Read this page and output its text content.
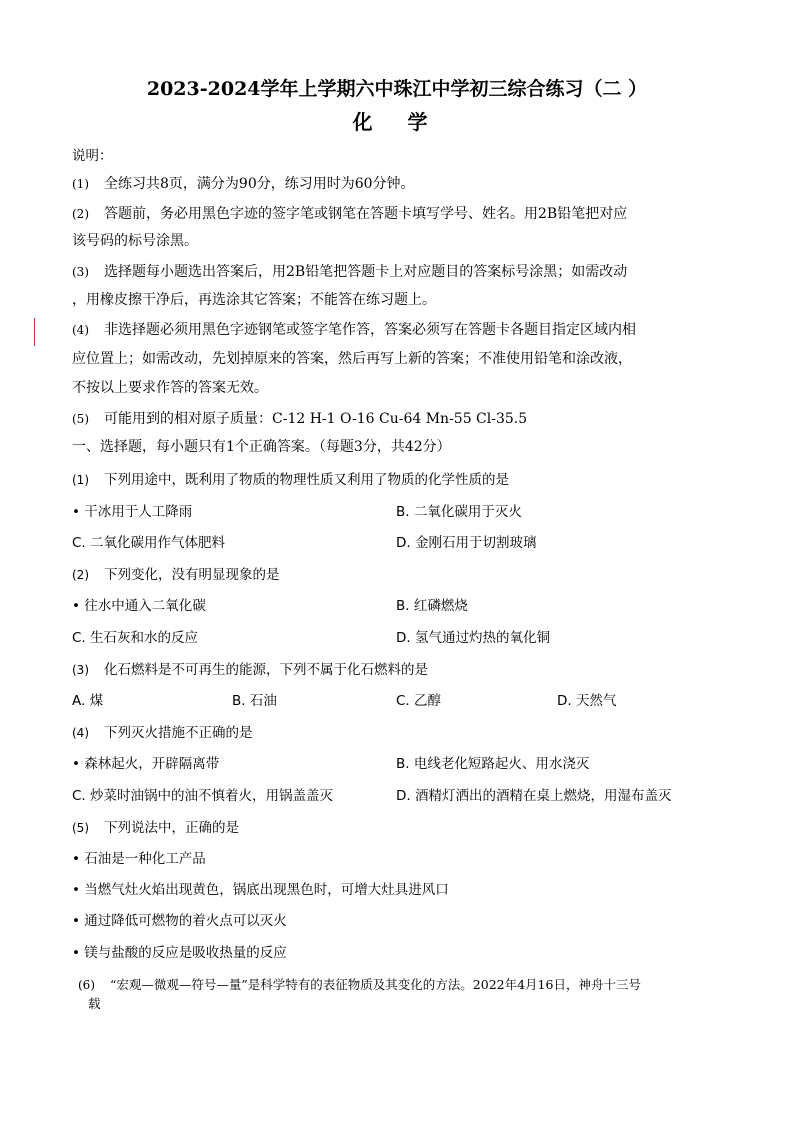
2023-2024学年上学期六中珠江中学初三综合练习（二 ）
化 学
说明：
(1) 全练习共8页，满分为90分，练习用时为60分钟。
(2) 答题前，务必用黑色字迹的签字笔或钢笔在答题卡填写学号、姓名。用2B铅笔把对应
该号码的标号涂黑。
(3) 选择题每小题选出答案后，用2B铅笔把答题卡上对应题目的答案标号涂黑；如需改动
，用橡皮擦干净后，再选涂其它答案；不能答在练习题上。
(4) 非选择题必须用黑色字迹钢笔或签字笔作答，答案必须写在答题卡各题目指定区域内相
应位置上；如需改动，先划掉原来的答案，然后再写上新的答案；不准使用铅笔和涂改液，
不按以上要求作答的答案无效。
(5) 可能用到的相对原子质量：C-12 H-1 O-16 Cu-64 Mn-55 Cl-35.5
一、选择题，每小题只有1个正确答案。（每题3分，共42分）
(1) 下列用途中，既利用了物质的物理性质又利用了物质的化学性质的是
• 干冰用于人工降雨	B. 二氧化碳用于灭火
C. 二氧化碳用作气体肥料	D. 金刚石用于切割玻璃
(2) 下列变化，没有明显现象的是
• 往水中通入二氧化碳	B. 红磷燃烧
C. 生石灰和水的反应	D. 氢气通过灼热的氧化铜
(3) 化石燃料是不可再生的能源，下列不属于化石燃料的是
A. 煤	B. 石油	C. 乙醇	D. 天然气
(4) 下列灭火措施不正确的是
• 森林起火，开辟隔离带	B. 电线老化短路起火、用水浇灭
C. 炒菜时油锅中的油不慎着火，用锅盖盖灭	D. 酒精灯洒出的酒精在桌上燃烧，用湿布盖灭
(5) 下列说法中，正确的是
• 石油是一种化工产品
• 当燃气灶火焰出现黄色，锅底出现黑色时，可增大灶具进风口
• 通过降低可燃物的着火点可以灭火
• 镁与盐酸的反应是吸收热量的反应
(6) “宏观—微观—符号—量”是科学特有的表征物质及其变化的方法。2022年4月16日，神舟十三号
载
